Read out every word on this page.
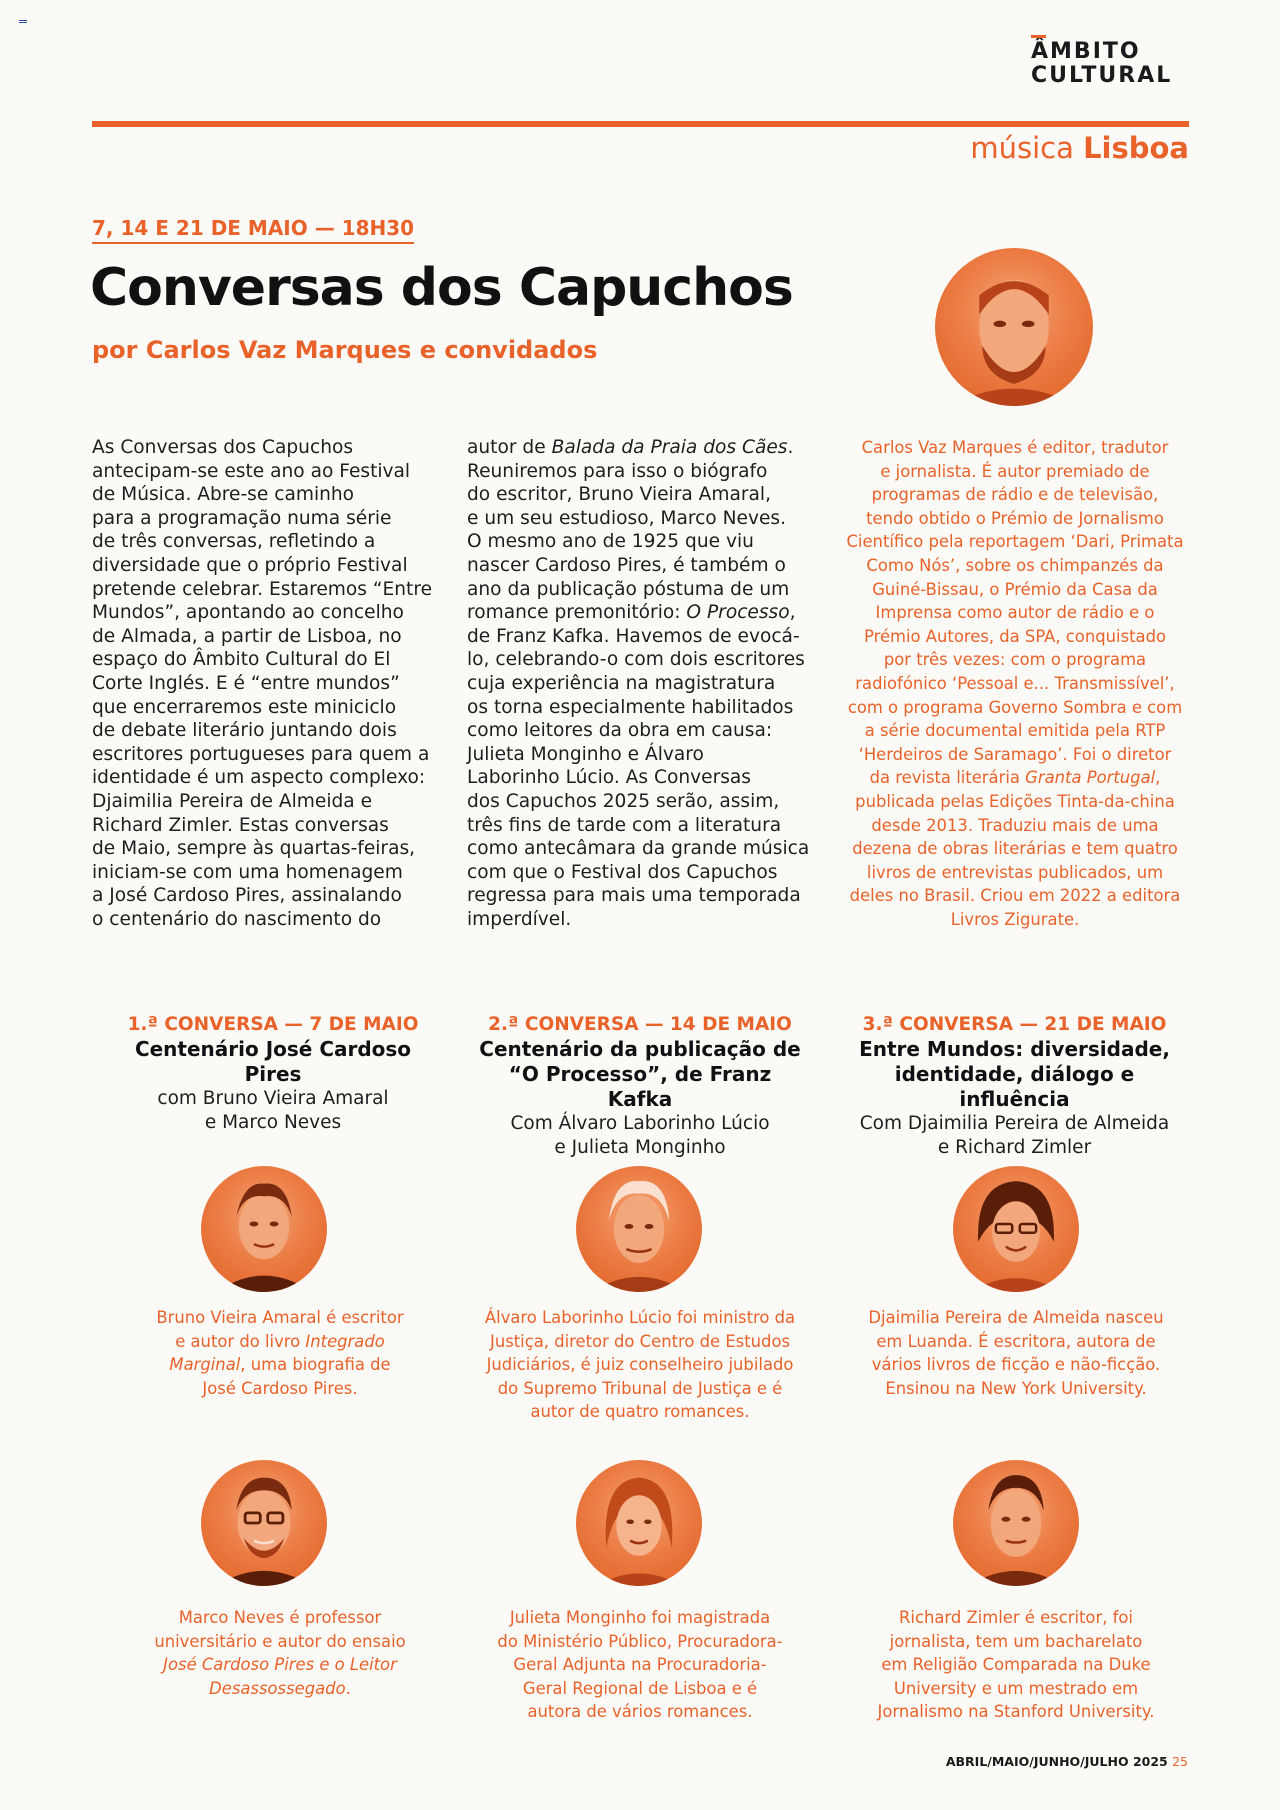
ÂMBITO
CULTURAL
música Lisboa
7, 14 E 21 DE MAIO — 18H30
Conversas dos Capuchos
por Carlos Vaz Marques e convidados
As Conversas dos Capuchos
antecipam-se este ano ao Festival
de Música. Abre-se caminho
para a programação numa série
de três conversas, refletindo a
diversidade que o próprio Festival
pretende celebrar. Estaremos “Entre
Mundos”, apontando ao concelho
de Almada, a partir de Lisboa, no
espaço do Âmbito Cultural do El
Corte Inglés. E é “entre mundos”
que encerraremos este miniciclo
de debate literário juntando dois
escritores portugueses para quem a
identidade é um aspecto complexo:
Djaimilia Pereira de Almeida e
Richard Zimler. Estas conversas
de Maio, sempre às quartas-feiras,
iniciam-se com uma homenagem
a José Cardoso Pires, assinalando
o centenário do nascimento do
autor de Balada da Praia dos Cães.
Reuniremos para isso o biógrafo
do escritor, Bruno Vieira Amaral,
e um seu estudioso, Marco Neves.
O mesmo ano de 1925 que viu
nascer Cardoso Pires, é também o
ano da publicação póstuma de um
romance premonitório: O Processo,
de Franz Kafka. Havemos de evocá-
lo, celebrando-o com dois escritores
cuja experiência na magistratura
os torna especialmente habilitados
como leitores da obra em causa:
Julieta Monginho e Álvaro
Laborinho Lúcio. As Conversas
dos Capuchos 2025 serão, assim,
três fins de tarde com a literatura
como antecâmara da grande música
com que o Festival dos Capuchos
regressa para mais uma temporada
imperdível.
Carlos Vaz Marques é editor, tradutor
e jornalista. É autor premiado de
programas de rádio e de televisão,
tendo obtido o Prémio de Jornalismo
Científico pela reportagem ‘Dari, Primata
Como Nós’, sobre os chimpanzés da
Guiné-Bissau, o Prémio da Casa da
Imprensa como autor de rádio e o
Prémio Autores, da SPA, conquistado
por três vezes: com o programa
radiofónico ‘Pessoal e... Transmissível’,
com o programa Governo Sombra e com
a série documental emitida pela RTP
‘Herdeiros de Saramago’. Foi o diretor
da revista literária Granta Portugal,
publicada pelas Edições Tinta-da-china
desde 2013. Traduziu mais de uma
dezena de obras literárias e tem quatro
livros de entrevistas publicados, um
deles no Brasil. Criou em 2022 a editora
Livros Zigurate.
1.ª CONVERSA — 7 DE MAIO
Centenário José Cardoso Pires
com Bruno Vieira Amaral
e Marco Neves
2.ª CONVERSA — 14 DE MAIO
Centenário da publicação de
“O Processo”, de Franz Kafka
Com Álvaro Laborinho Lúcio
e Julieta Monginho
3.ª CONVERSA — 21 DE MAIO
Entre Mundos: diversidade,
identidade, diálogo e influência
Com Djaimilia Pereira de Almeida
e Richard Zimler
Bruno Vieira Amaral é escritor
e autor do livro Integrado
Marginal, uma biografia de
José Cardoso Pires.
Álvaro Laborinho Lúcio foi ministro da
Justiça, diretor do Centro de Estudos
Judiciários, é juiz conselheiro jubilado
do Supremo Tribunal de Justiça e é
autor de quatro romances.
Djaimilia Pereira de Almeida nasceu
em Luanda. É escritora, autora de
vários livros de ficção e não-ficção.
Ensinou na New York University.
Marco Neves é professor
universitário e autor do ensaio
José Cardoso Pires e o Leitor
Desassossegado.
Julieta Monginho foi magistrada
do Ministério Público, Procuradora-
Geral Adjunta na Procuradoria-
Geral Regional de Lisboa e é
autora de vários romances.
Richard Zimler é escritor, foi
jornalista, tem um bacharelato
em Religião Comparada na Duke
University e um mestrado em
Jornalismo na Stanford University.
ABRIL/MAIO/JUNHO/JULHO 2025 25
